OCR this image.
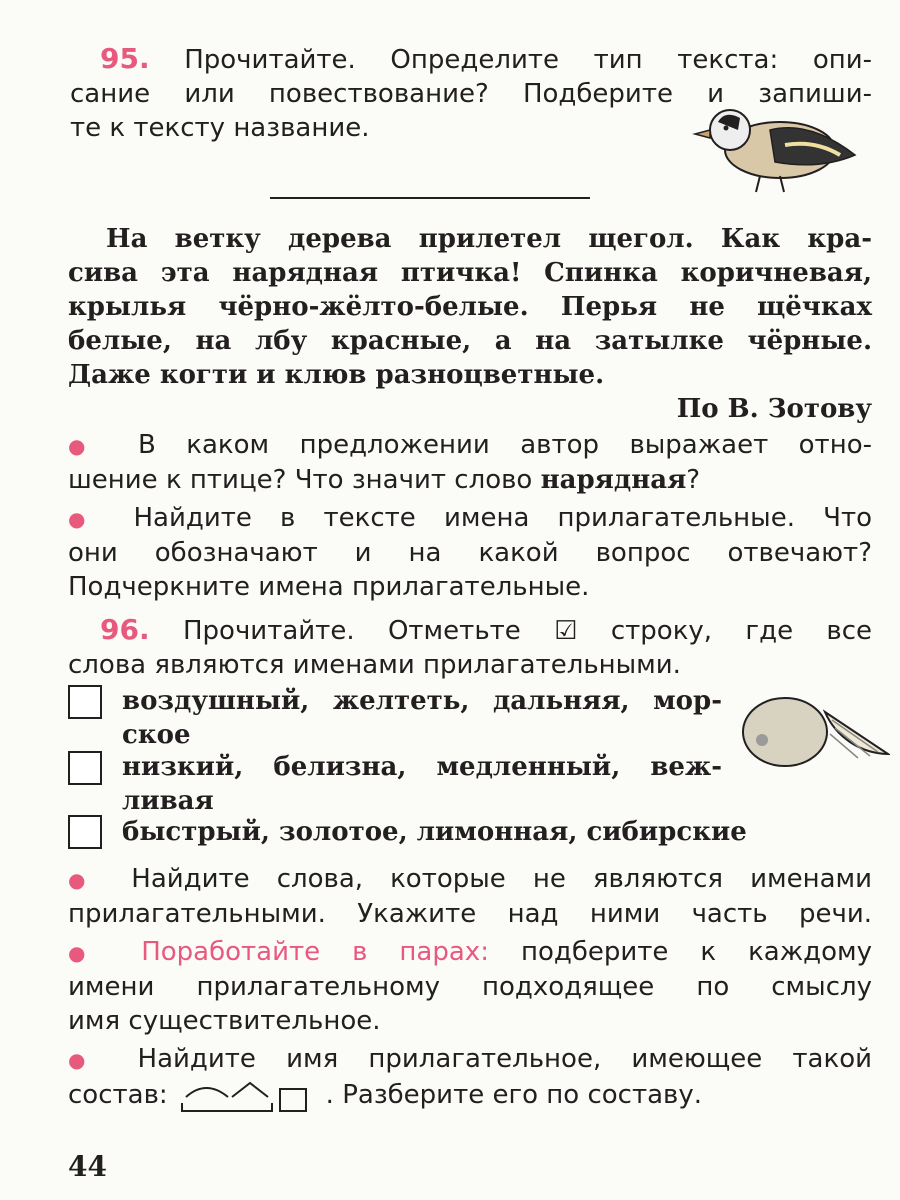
95. Прочитайте. Определите тип текста: опи-
сание или повествование? Подберите и запиши-
те к тексту название.
На ветку дерева прилетел щегол. Как кра-
сива эта нарядная птичка! Спинка коричневая,
крылья чёрно-жёлто-белые. Перья не щёчках
белые, на лбу красные, а на затылке чёрные.
Даже когти и клюв разноцветные.
По В. Зотову
● В каком предложении автор выражает отно-
шение к птице? Что значит слово нарядная?
● Найдите в тексте имена прилагательные. Что
они обозначают и на какой вопрос отвечают?
Подчеркните имена прилагательные.
96. Прочитайте. Отметьте ☑ строку, где все
слова являются именами прилагательными.
воздушный, желтеть, дальняя, мор-
ское
низкий, белизна, медленный, веж-
ливая
быстрый, золотое, лимонная, сибирские
● Найдите слова, которые не являются именами
прилагательными. Укажите над ними часть речи.
● Поработайте в парах: подберите к каждому
имени прилагательному подходящее по смыслу
имя существительное.
● Найдите имя прилагательное, имеющее такой
состав:	. Разберите его по составу.
44
